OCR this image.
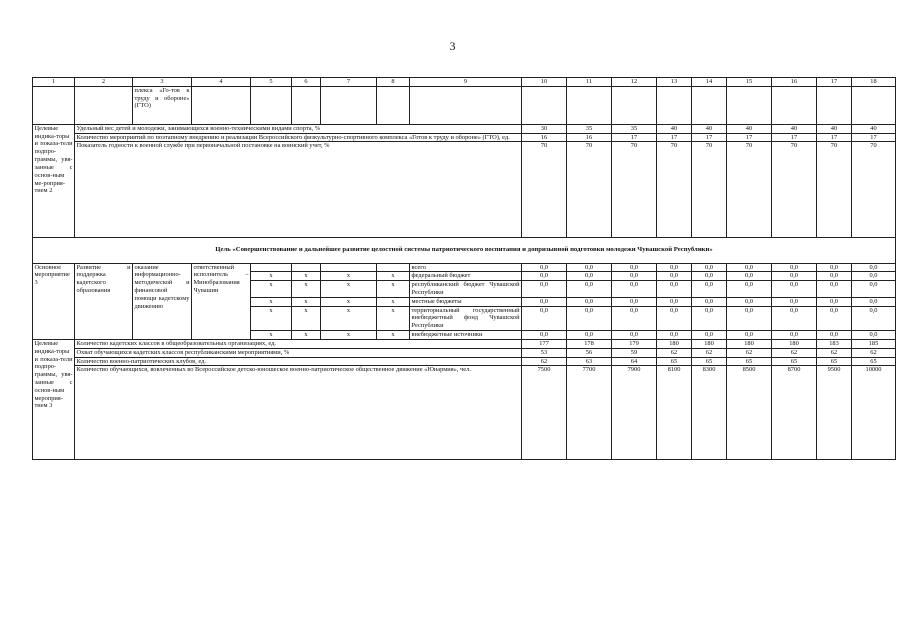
3
1	2	3	4	5	6	7	8	9	10	11	12	13	14	15	16	17	18
		плекса «Го-тов к труду и обороне» (ГТО)															
Целевые индика-торы и показа-тели подпро-граммы, увя-занные с основ-ным ме-роприя-тием 2	Удельный вес детей и молодежи, занимающихся военно-техническими видами спорта, %								30	35	35	40	40	40	40	40	40
	Количество мероприятий по поэтапному внедрению и реализации Всероссийского физкультурно-спортивного комплекса «Готов к труду и обороне» (ГТО), ед.								16	16	17	17	17	17	17	17	17
	Показатель годности к военной службе при первоначальной постановке на воинский учет, %								70	70	70	70	70	70	70	70	70
Цель «Совершенствование и дальнейшее развитие целостной системы патриотического воспитания и допризывной подготовки молодежи Чувашской Республики»																	
Основное мероприятие 3	Развитие и поддержка кадетского образования	оказание информационно-методической и финансовой помощи кадетскому движению	ответственный исполнитель – Минобразования Чувашии					всего	0,0	0,0	0,0	0,0	0,0	0,0	0,0	0,0	0,0
				x	x	x	x	федеральный бюджет	0,0	0,0	0,0	0,0	0,0	0,0	0,0	0,0	0,0
				x	x	x	x	республиканский бюджет Чувашской Республики	0,0	0,0	0,0	0,0	0,0	0,0	0,0	0,0	0,0
				x	x	x	x	местные бюджеты	0,0	0,0	0,0	0,0	0,0	0,0	0,0	0,0	0,0
				x	x	x	x	территориальный государственный внебюджетный фонд Чувашской Республики	0,0	0,0	0,0	0,0	0,0	0,0	0,0	0,0	0,0
				x	x	x	x	внебюджетные источники	0,0	0,0	0,0	0,0	0,0	0,0	0,0	0,0	0,0
Целевые индика-торы и показа-тели подпро-граммы, увя-занные с основ-ным мероприя-тием 3	Количество кадетских классов в общеобразовательных организациях, ед.								177	178	179	180	180	180	180	183	185
	Охват обучающихся кадетских классов республиканскими мероприятиями, %								53	56	59	62	62	62	62	62	62
	Количество военно-патриотических клубов, ед.								62	63	64	65	65	65	65	65	65
	Количество обучающихся, вовлеченных во Всероссийское детско-юношеское военно-патриотическое общественное движение «Юнармия», чел.								7500	7700	7900	8100	8300	8500	8700	9500	10000
